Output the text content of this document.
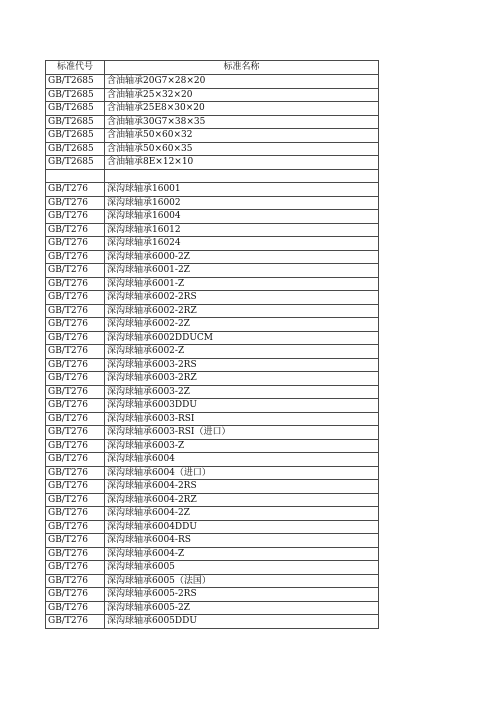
标准代号	标准名称
GB/T2685	含油轴承20G7×28×20
GB/T2685	含油轴承25×32×20
GB/T2685	含油轴承25E8×30×20
GB/T2685	含油轴承30G7×38×35
GB/T2685	含油轴承50×60×32
GB/T2685	含油轴承50×60×35
GB/T2685	含油轴承8E×12×10

GB/T276	深沟球轴承16001
GB/T276	深沟球轴承16002
GB/T276	深沟球轴承16004
GB/T276	深沟球轴承16012
GB/T276	深沟球轴承16024
GB/T276	深沟球轴承6000-2Z
GB/T276	深沟球轴承6001-2Z
GB/T276	深沟球轴承6001-Z
GB/T276	深沟球轴承6002-2RS
GB/T276	深沟球轴承6002-2RZ
GB/T276	深沟球轴承6002-2Z
GB/T276	深沟球轴承6002DDUCM
GB/T276	深沟球轴承6002-Z
GB/T276	深沟球轴承6003-2RS
GB/T276	深沟球轴承6003-2RZ
GB/T276	深沟球轴承6003-2Z
GB/T276	深沟球轴承6003DDU
GB/T276	深沟球轴承6003-RSI
GB/T276	深沟球轴承6003-RSI（进口）
GB/T276	深沟球轴承6003-Z
GB/T276	深沟球轴承6004
GB/T276	深沟球轴承6004（进口）
GB/T276	深沟球轴承6004-2RS
GB/T276	深沟球轴承6004-2RZ
GB/T276	深沟球轴承6004-2Z
GB/T276	深沟球轴承6004DDU
GB/T276	深沟球轴承6004-RS
GB/T276	深沟球轴承6004-Z
GB/T276	深沟球轴承6005
GB/T276	深沟球轴承6005（法国）
GB/T276	深沟球轴承6005-2RS
GB/T276	深沟球轴承6005-2Z
GB/T276	深沟球轴承6005DDU
